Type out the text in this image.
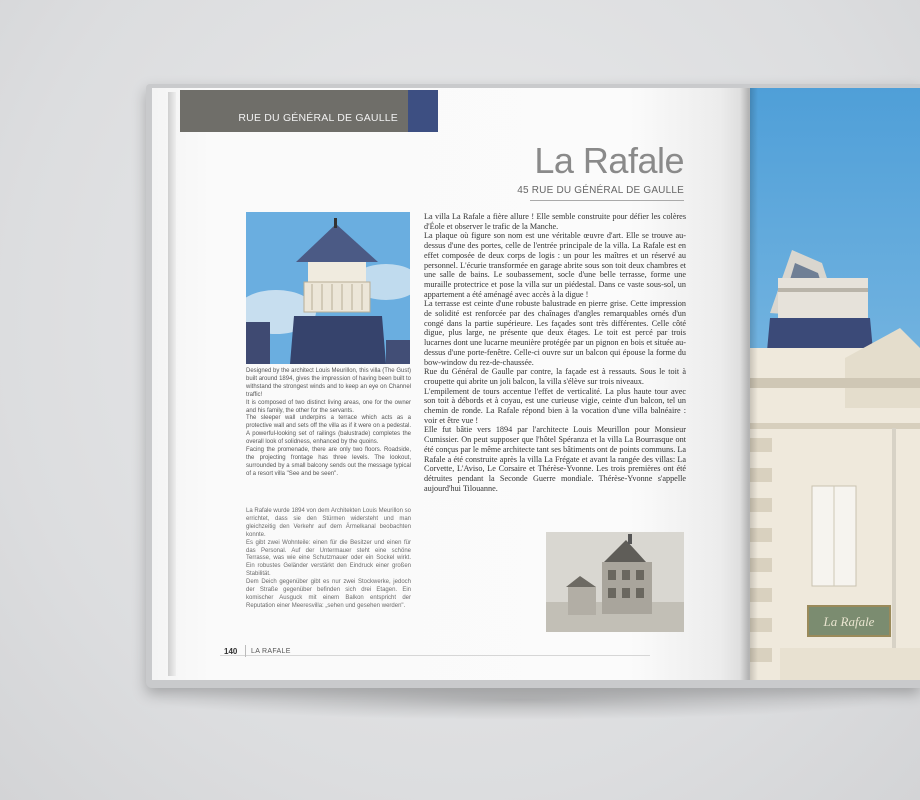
La Rafale
RUE DU GÉNÉRAL DE GAULLE
La Rafale
45 RUE DU GÉNÉRAL DE GAULLE
Designed by the architect Louis Meurillon, this villa (The Gust) built around 1894, gives the impression of having been built to withstand the strongest winds and to keep an eye on Channel traffic!
It is composed of two distinct living areas, one for the owner and his family, the other for the servants.
The sleeper wall underpins a terrace which acts as a protective wall and sets off the villa as if it were on a pedestal. A powerful-looking set of railings (balustrade) completes the overall look of solidness, enhanced by the quoins.
Facing the promenade, there are only two floors. Roadside, the projecting frontage has three levels. The lookout, surrounded by a small balcony sends out the message typical of a resort villa "See and be seen".
La Rafale wurde 1894 von dem Architekten Louis Meurillon so errichtet, dass sie den Stürmen widersteht und man gleichzeitig den Verkehr auf dem Ärmelkanal beobachten konnte.
Es gibt zwei Wohnteile: einen für die Besitzer und einen für das Personal. Auf der Untermauer steht eine schöne Terrasse, was wie eine Schutzmauer oder ein Sockel wirkt. Ein robustes Geländer verstärkt den Eindruck einer großen Stabilität.
Dem Deich gegenüber gibt es nur zwei Stockwerke, jedoch der Straße gegenüber befinden sich drei Etagen. Ein komischer Ausguck mit einem Balkon entspricht der Reputation einer Meeresvilla: „sehen und gesehen werden".
La villa La Rafale a fière allure ! Elle semble construite pour défier les colères d'Éole et observer le trafic de la Manche.
La plaque où figure son nom est une véritable œuvre d'art. Elle se trouve au-dessus d'une des portes, celle de l'entrée principale de la villa. La Rafale est en effet composée de deux corps de logis : un pour les maîtres et un réservé au personnel. L'écurie transformée en garage abrite sous son toit deux chambres et une salle de bains. Le soubassement, socle d'une belle terrasse, forme une muraille protectrice et pose la villa sur un piédestal. Dans ce vaste sous-sol, un appartement a été aménagé avec accès à la digue !
La terrasse est ceinte d'une robuste balustrade en pierre grise. Cette impression de solidité est renforcée par des chaînages d'angles remarquables ornés d'un congé dans la partie supérieure. Les façades sont très différentes. Celle côté digue, plus large, ne présente que deux étages. Le toit est percé par trois lucarnes dont une lucarne meunière protégée par un pignon en bois et située au-dessus d'une porte-fenêtre. Celle-ci ouvre sur un balcon qui épouse la forme du bow-window du rez-de-chaussée.
Rue du Général de Gaulle par contre, la façade est à ressauts. Sous le toit à croupette qui abrite un joli balcon, la villa s'élève sur trois niveaux.
L'empilement de tours accentue l'effet de verticalité. La plus haute tour avec son toit à débords et à coyau, est une curieuse vigie, ceinte d'un balcon, tel un chemin de ronde. La Rafale répond bien à la vocation d'une villa balnéaire : voir et être vue !
Elle fut bâtie vers 1894 par l'architecte Louis Meurillon pour Monsieur Cumissier. On peut supposer que l'hôtel Spéranza et la villa La Bourrasque ont été conçus par le même architecte tant ses bâtiments ont de points communs. La Rafale a été construite après la villa La Frégate et avant la rangée des villas: La Corvette, L'Aviso, Le Corsaire et Thérèse-Yvonne. Les trois premières ont été détruites pendant la Seconde Guerre mondiale. Thérèse-Yvonne s'appelle aujourd'hui Tilouanne.
140 LA RAFALE
